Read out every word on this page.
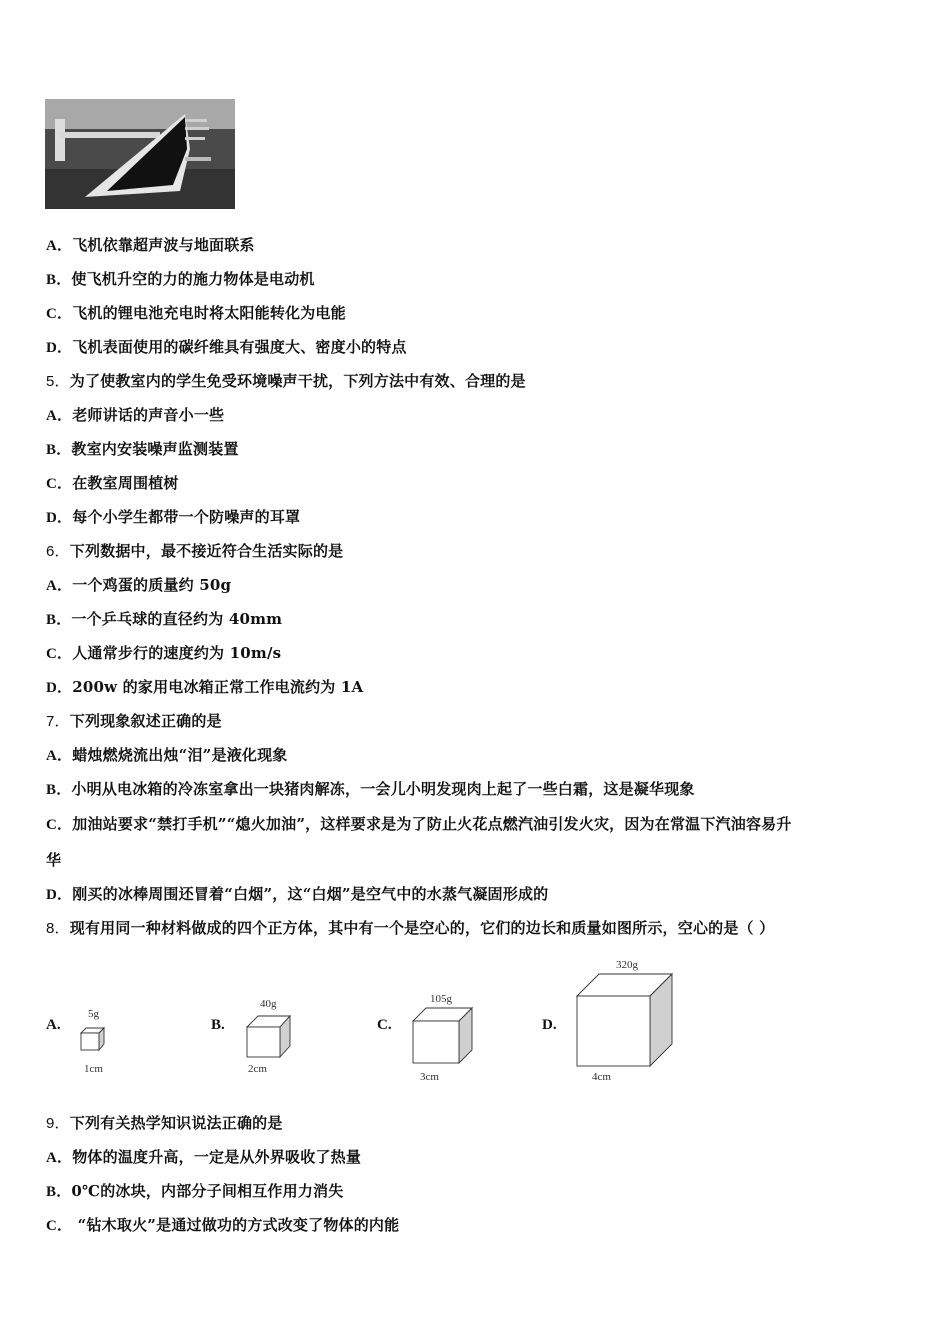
A．飞机依靠超声波与地面联系
B．使飞机升空的力的施力物体是电动机
C．飞机的锂电池充电时将太阳能转化为电能
D．飞机表面使用的碳纤维具有强度大、密度小的特点
5．为了使教室内的学生免受环境噪声干扰，下列方法中有效、合理的是
A．老师讲话的声音小一些
B．教室内安装噪声监测装置
C．在教室周围植树
D．每个小学生都带一个防噪声的耳罩
6．下列数据中，最不接近符合生活实际的是
A．一个鸡蛋的质量约 50g
B．一个乒乓球的直径约为 40mm
C．人通常步行的速度约为 10m/s
D．200w 的家用电冰箱正常工作电流约为 1A
7．下列现象叙述正确的是
A．蜡烛燃烧流出烛“泪”是液化现象
B．小明从电冰箱的冷冻室拿出一块猪肉解冻，一会儿小明发现肉上起了一些白霜，这是凝华现象
C．加油站要求“禁打手机”“熄火加油”，这样要求是为了防止火花点燃汽油引发火灾，因为在常温下汽油容易升
华
D．刚买的冰棒周围还冒着“白烟”，这“白烟”是空气中的水蒸气凝固形成的
8．现有用同一种材料做成的四个正方体，其中有一个是空心的，它们的边长和质量如图所示，空心的是（ ）
A.
5g
1cm
B.
40g
2cm
C.
105g
3cm
D.
320g
4cm
9．下列有关热学知识说法正确的是
A．物体的温度升高，一定是从外界吸收了热量
B．0℃的冰块，内部分子间相互作用力消失
C． “钻木取火”是通过做功的方式改变了物体的内能
